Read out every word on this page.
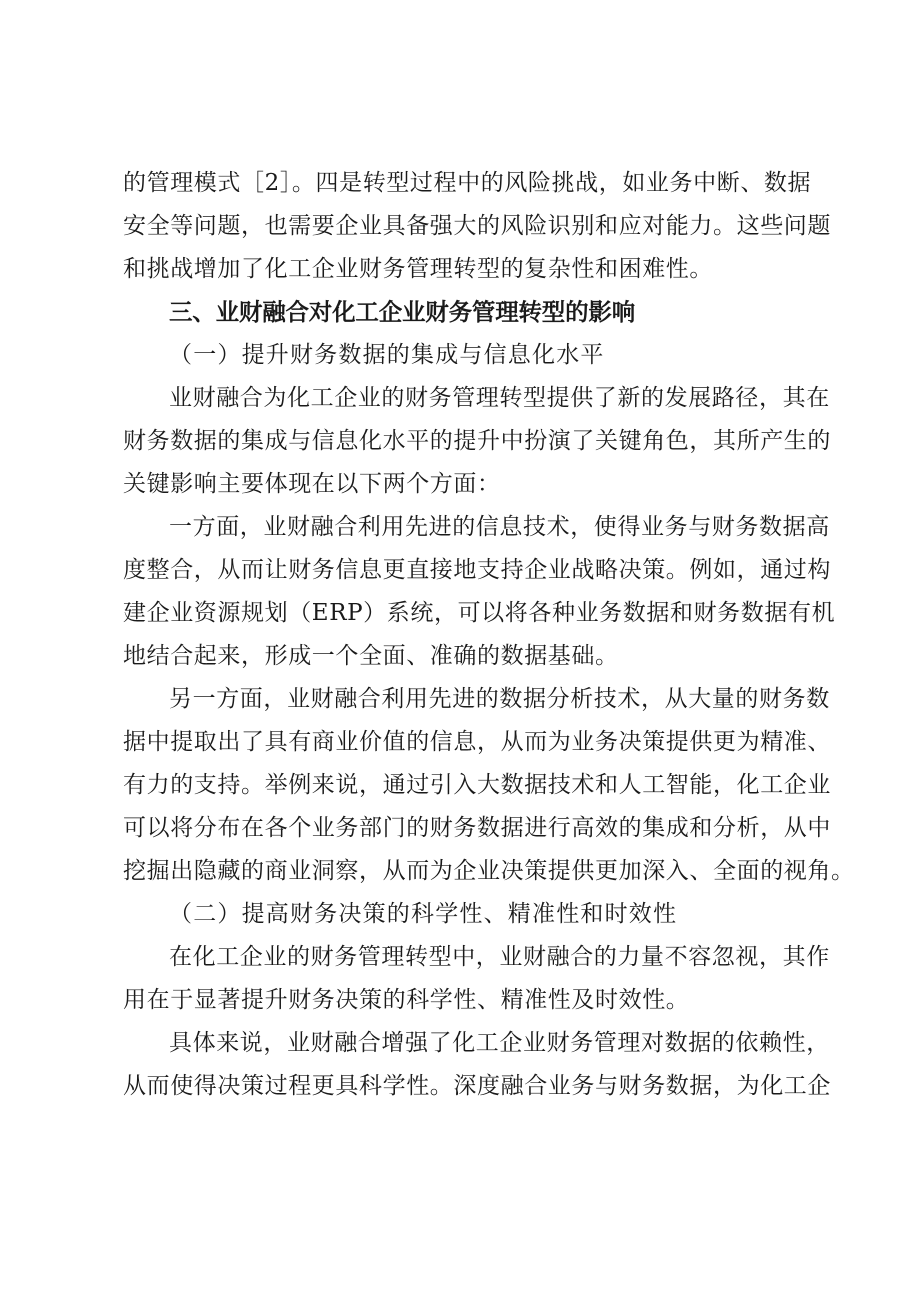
的管理模式［2］。四是转型过程中的风险挑战，如业务中断、数据
安全等问题，也需要企业具备强大的风险识别和应对能力。这些问题
和挑战增加了化工企业财务管理转型的复杂性和困难性。
三、业财融合对化工企业财务管理转型的影响
（一）提升财务数据的集成与信息化水平
业财融合为化工企业的财务管理转型提供了新的发展路径，其在
财务数据的集成与信息化水平的提升中扮演了关键角色，其所产生的
关键影响主要体现在以下两个方面：
一方面，业财融合利用先进的信息技术，使得业务与财务数据高
度整合，从而让财务信息更直接地支持企业战略决策。例如，通过构
建企业资源规划（ERP）系统，可以将各种业务数据和财务数据有机
地结合起来，形成一个全面、准确的数据基础。
另一方面，业财融合利用先进的数据分析技术，从大量的财务数
据中提取出了具有商业价值的信息，从而为业务决策提供更为精准、
有力的支持。举例来说，通过引入大数据技术和人工智能，化工企业
可以将分布在各个业务部门的财务数据进行高效的集成和分析，从中
挖掘出隐藏的商业洞察，从而为企业决策提供更加深入、全面的视角。
（二）提高财务决策的科学性、精准性和时效性
在化工企业的财务管理转型中，业财融合的力量不容忽视，其作
用在于显著提升财务决策的科学性、精准性及时效性。
具体来说，业财融合增强了化工企业财务管理对数据的依赖性，
从而使得决策过程更具科学性。深度融合业务与财务数据，为化工企
